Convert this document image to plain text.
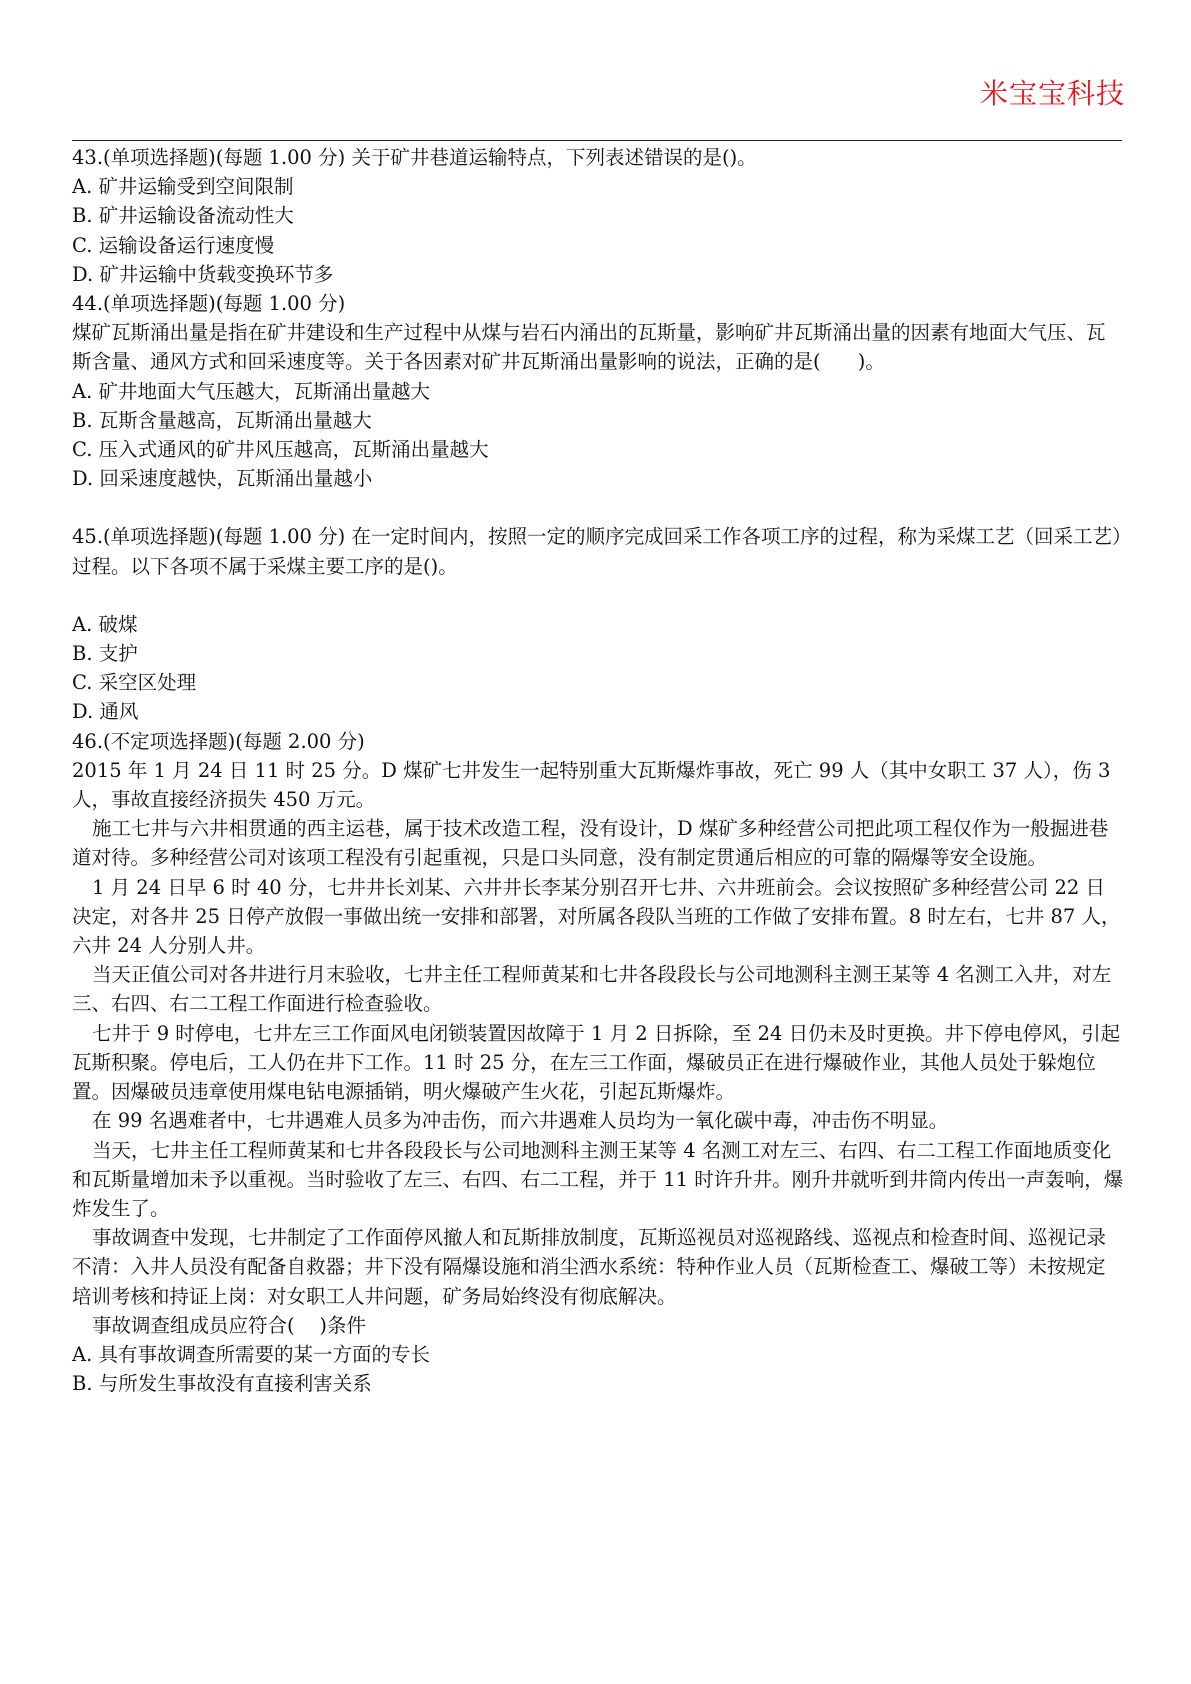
米宝宝科技

43.(单项选择题)(每题 1.00 分) 关于矿井巷道运输特点，下列表述错误的是()。

A. 矿井运输受到空间限制

B. 矿井运输设备流动性大

C. 运输设备运行速度慢

D. 矿井运输中货载变换环节多

44.(单项选择题)(每题 1.00 分)

煤矿瓦斯涌出量是指在矿井建设和生产过程中从煤与岩石内涌出的瓦斯量，影响矿井瓦斯涌出量的因素有地面大气压、瓦斯含量、通风方式和回采速度等。关于各因素对矿井瓦斯涌出量影响的说法，正确的是(      )。

A. 矿井地面大气压越大，瓦斯涌出量越大

B. 瓦斯含量越高，瓦斯涌出量越大

C. 压入式通风的矿井风压越高，瓦斯涌出量越大

D. 回采速度越快，瓦斯涌出量越小

45.(单项选择题)(每题 1.00 分) 在一定时间内，按照一定的顺序完成回采工作各项工序的过程，称为采煤工艺（回采工艺）过程。以下各项不属于采煤主要工序的是()。

A. 破煤

B. 支护

C. 采空区处理

D. 通风

46.(不定项选择题)(每题 2.00 分)

2015 年 1 月 24 日 11 时 25 分。D 煤矿七井发生一起特别重大瓦斯爆炸事故，死亡 99 人（其中女职工 37 人），伤 3 人，事故直接经济损失 450 万元。

施工七井与六井相贯通的西主运巷，属于技术改造工程，没有设计，D 煤矿多种经营公司把此项工程仅作为一般掘进巷道对待。多种经营公司对该项工程没有引起重视，只是口头同意，没有制定贯通后相应的可靠的隔爆等安全设施。

1 月 24 日早 6 时 40 分，七井井长刘某、六井井长李某分别召开七井、六井班前会。会议按照矿多种经营公司 22 日决定，对各井 25 日停产放假一事做出统一安排和部署，对所属各段队当班的工作做了安排布置。8 时左右，七井 87 人，六井 24 人分别人井。

当天正值公司对各井进行月末验收，七井主任工程师黄某和七井各段段长与公司地测科主测王某等 4 名测工入井，对左三、右四、右二工程工作面进行检查验收。

七井于 9 时停电，七井左三工作面风电闭锁装置因故障于 1 月 2 日拆除，至 24 日仍未及时更换。井下停电停风，引起瓦斯积聚。停电后，工人仍在井下工作。11 时 25 分，在左三工作面，爆破员正在进行爆破作业，其他人员处于躲炮位置。因爆破员违章使用煤电钻电源插销，明火爆破产生火花，引起瓦斯爆炸。

在 99 名遇难者中，七井遇难人员多为冲击伤，而六井遇难人员均为一氧化碳中毒，冲击伤不明显。

当天，七井主任工程师黄某和七井各段段长与公司地测科主测王某等 4 名测工对左三、右四、右二工程工作面地质变化和瓦斯量增加未予以重视。当时验收了左三、右四、右二工程，并于 11 时许升井。刚升井就听到井筒内传出一声轰响，爆炸发生了。

事故调查中发现，七井制定了工作面停风撤人和瓦斯排放制度，瓦斯巡视员对巡视路线、巡视点和检查时间、巡视记录不清：入井人员没有配备自救器；井下没有隔爆设施和消尘洒水系统：特种作业人员（瓦斯检查工、爆破工等）未按规定培训考核和持证上岗：对女职工人井问题，矿务局始终没有彻底解决。

事故调查组成员应符合(    )条件

A. 具有事故调查所需要的某一方面的专长

B. 与所发生事故没有直接利害关系
